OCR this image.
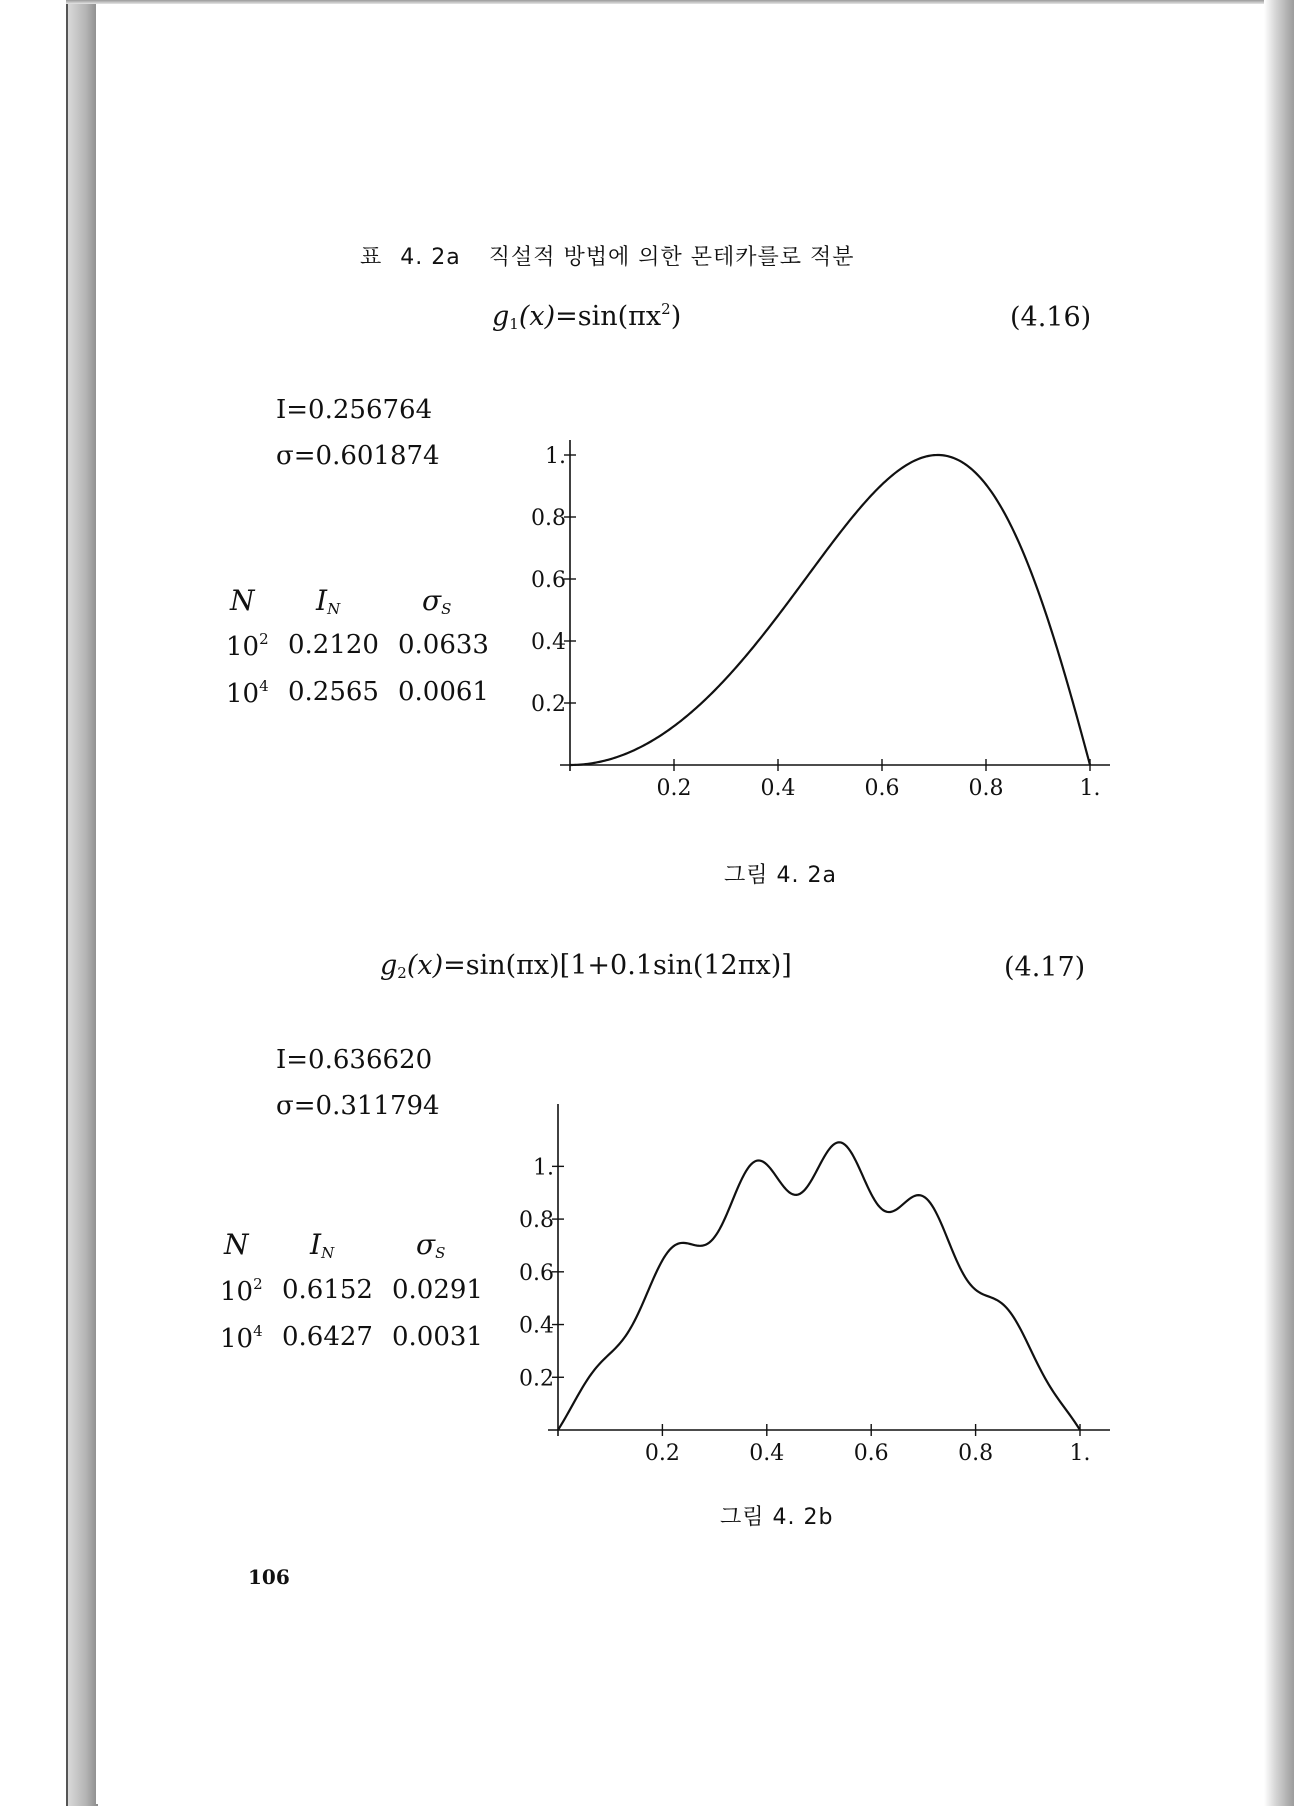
표 4. 2a 직설적 방법에 의한 몬테카를로 적분
$g_1(x)=\sin(\pi x^2)$	(4.16)
I=0.256764
σ=0.601874
N $I_N$	$\sigma_S$
$10^2$ 0.2120 0.0633
$10^4$ 0.2565 0.0061
0.2	0.4	0.6	0.8	1.
0.2
0.4
0.6
0.8
1.
그림 4. 2a
$g_2(x)=\sin(\pi x)[1+0.1\sin(12\pi x)]$	(4.17)
I=0.636620
σ=0.311794
N $I_N$	$\sigma_S$
$10^2$ 0.6152 0.0291
$10^4$ 0.6427 0.0031
0.2	0.4	0.6	0.8	1.
0.2
0.4
0.6
0.8
1.
그림 4. 2b
106
